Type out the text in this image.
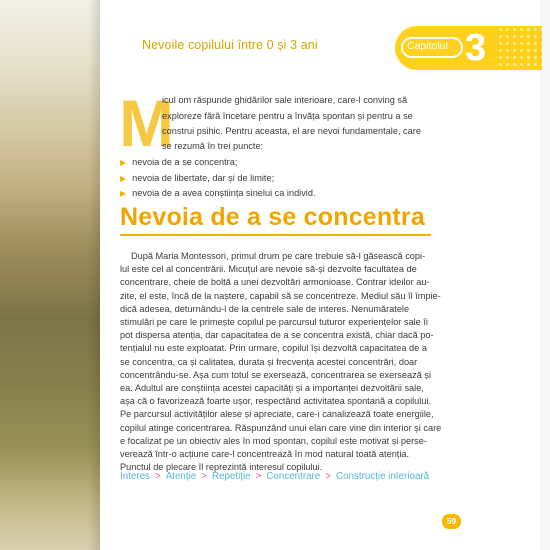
Nevoile copilului între 0 și 3 ani	Capitolul 3
M
icul om răspunde ghidărilor sale interioare, care-l conving să
exploreze fără încetare pentru a învăța spontan și pentru a se
construi psihic. Pentru aceasta, el are nevoi fundamentale, care
se rezumă în trei puncte:
▶ nevoia de a se concentra;
▶ nevoia de libertate, dar și de limite;
▶ nevoia de a avea conștiința sinelui ca individ.
Nevoia de a se concentra
După Maria Montessori, primul drum pe care trebuie să-l găsească copi-
lul este cel al concentrării. Micuțul are nevoie să-și dezvolte facultatea de
concentrare, cheie de boltă a unei dezvoltări armonioase. Contrar ideilor au-
zite, el este, încă de la naștere, capabil să se concentreze. Mediul său îl împie-
dică adesea, deturnându-l de la centrele sale de interes. Nenumăratele
stimulări pe care le primește copilul pe parcursul tuturor experiențelor sale îi
pot dispersa atenția, dar capacitatea de a se concentra există, chiar dacă po-
tențialul nu este exploatat. Prin urmare, copilul își dezvoltă capacitatea de a
se concentra, ca și calitatea, durata și frecvența acestei concentrări, doar
concentrându-se. Așa cum totul se exersează, concentrarea se exersează și
ea. Adultul are conștiința acestei capacități și a importanței dezvoltării sale,
așa că o favorizează foarte ușor, respectând activitatea spontană a copilului.
Pe parcursul activităților alese și apreciate, care-i canalizează toate energiile,
copilul atinge concentrarea. Răspunzând unui elan care vine din interior și care
e focalizat pe un obiectiv ales în mod spontan, copilul este motivat și perse-
verează într-o acțiune care-l concentrează în mod natural toată atenția.
Punctul de plecare îl reprezintă interesul copilului.
Interes > Atenție > Repetiție > Concentrare > Construcție interioară
59
